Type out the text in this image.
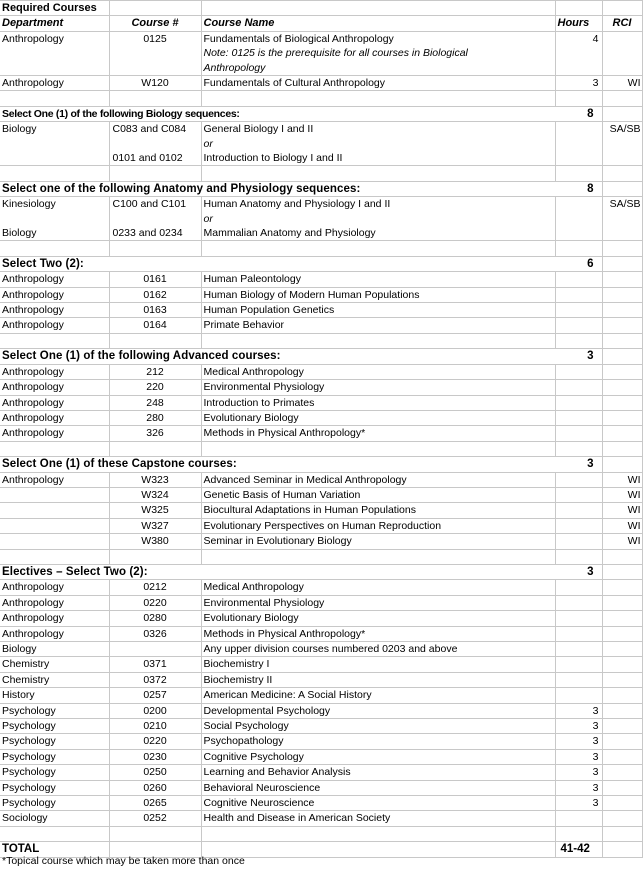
Required Courses				
Department	Course #	Course Name	Hours	RCI
Anthropology	0125	Fundamentals of Biological Anthropology	4	
		Note: 0125 is the prerequisite for all courses in Biological		
		Anthropology		
Anthropology	W120	Fundamentals of Cultural Anthropology	3	WI

Select One (1) of the following Biology sequences:			8	
Biology	C083 and C084	General Biology I and II		SA/SB
		or		
	0101 and 0102	Introduction to Biology I and II		

Select one of the following Anatomy and Physiology sequences:			8	
Kinesiology	C100 and C101	Human Anatomy and Physiology I and II		SA/SB
		or		
Biology	0233 and 0234	Mammalian Anatomy and Physiology		

Select Two (2):			6	
Anthropology	0161	Human Paleontology		
Anthropology	0162	Human Biology of Modern Human Populations		
Anthropology	0163	Human Population Genetics		
Anthropology	0164	Primate Behavior		

Select One (1) of the following Advanced courses:			3	
Anthropology	212	Medical Anthropology		
Anthropology	220	Environmental Physiology		
Anthropology	248	Introduction to Primates		
Anthropology	280	Evolutionary Biology		
Anthropology	326	Methods in Physical Anthropology*		

Select One (1) of these Capstone courses:			3	
Anthropology	W323	Advanced Seminar in Medical Anthropology		WI
	W324	Genetic Basis of Human Variation		WI
	W325	Biocultural Adaptations in Human Populations		WI
	W327	Evolutionary Perspectives on Human Reproduction		WI
	W380	Seminar in Evolutionary Biology		WI

Electives – Select Two (2):			3	
Anthropology	0212	Medical Anthropology		
Anthropology	0220	Environmental Physiology		
Anthropology	0280	Evolutionary Biology		
Anthropology	0326	Methods in Physical Anthropology*		
Biology		Any upper division courses numbered 0203 and above		
Chemistry	0371	Biochemistry I		
Chemistry	0372	Biochemistry II		
History	0257	American Medicine: A Social History		
Psychology	0200	Developmental Psychology	3	
Psychology	0210	Social Psychology	3	
Psychology	0220	Psychopathology	3	
Psychology	0230	Cognitive Psychology	3	
Psychology	0250	Learning and Behavior Analysis	3	
Psychology	0260	Behavioral Neuroscience	3	
Psychology	0265	Cognitive Neuroscience	3	
Sociology	0252	Health and Disease in American Society		

TOTAL			41-42	
*Topical course which may be taken more than once
